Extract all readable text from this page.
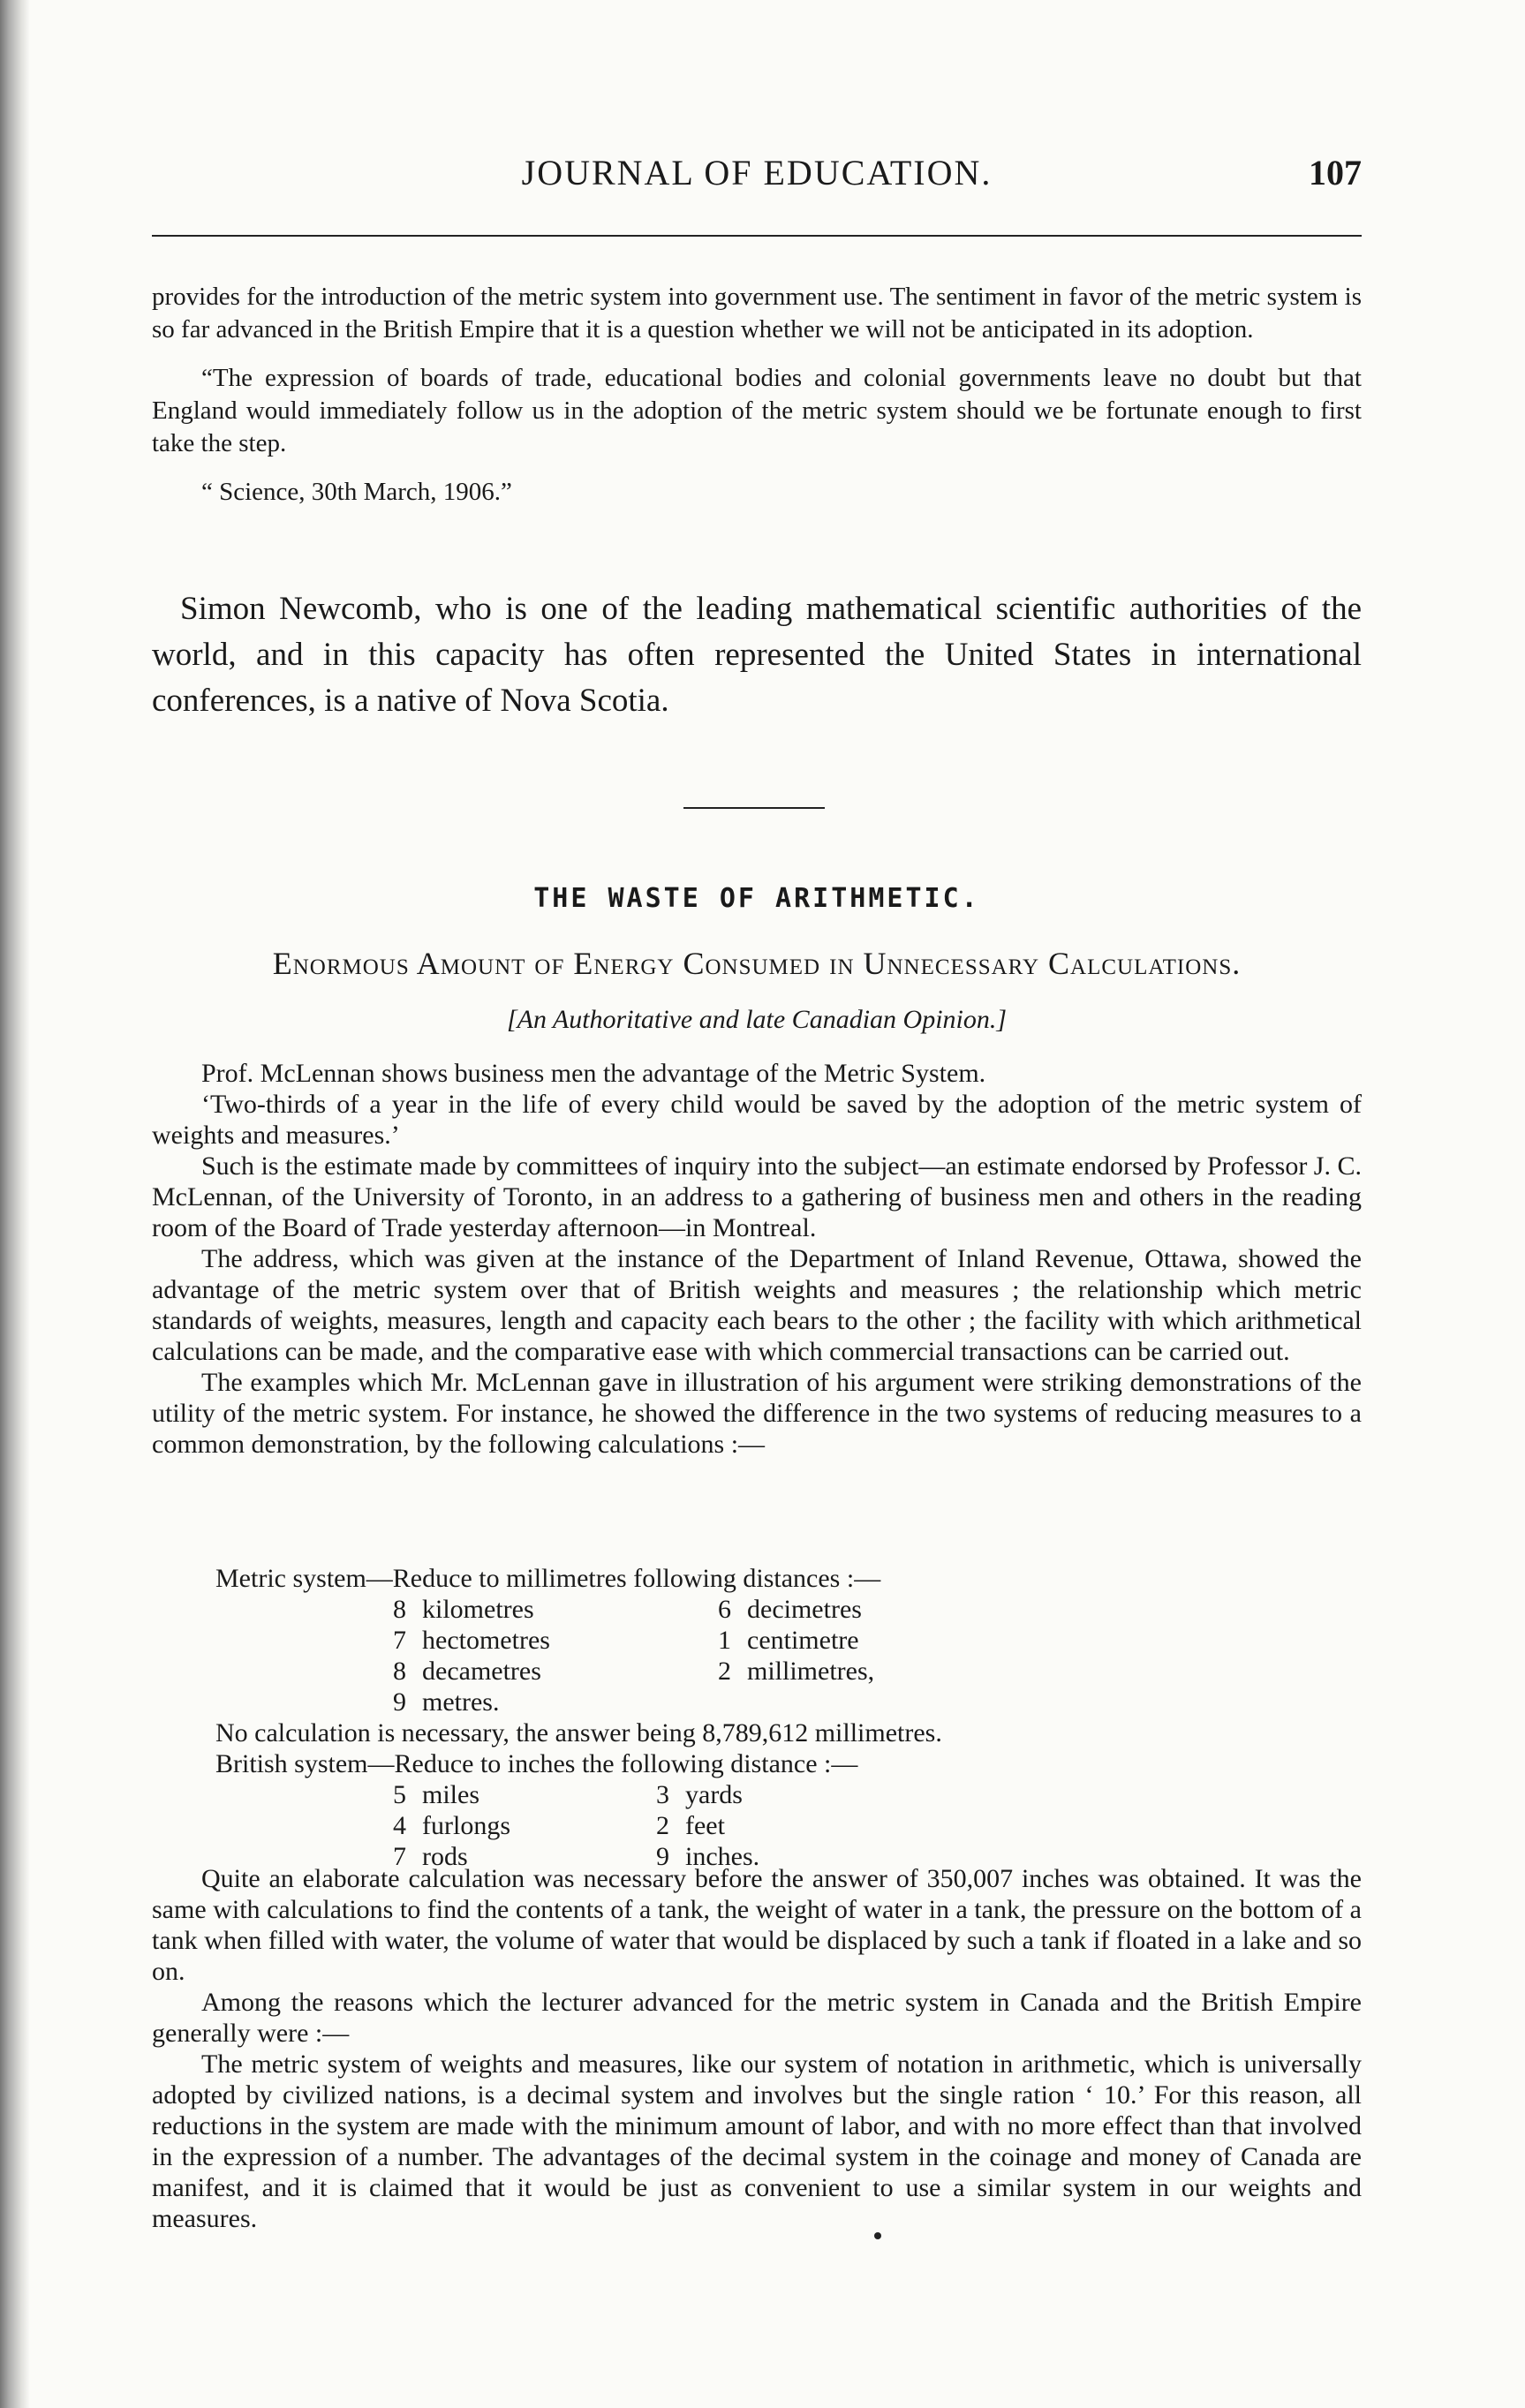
JOURNAL OF EDUCATION.	107

provides for the introduction of the metric system into government use. The sentiment in favor of the metric system is so far advanced in the British Empire that it is a question whether we will not be anticipated in its adoption.

“The expression of boards of trade, educational bodies and colonial governments leave no doubt but that England would immediately follow us in the adoption of the metric system should we be fortunate enough to first take the step.

“ Science, 30th March, 1906.”

Simon Newcomb, who is one of the leading mathematical scientific authorities of the world, and in this capacity has often represented the United States in international conferences, is a native of Nova Scotia.

THE WASTE OF ARITHMETIC.
Enormous Amount of Energy Consumed in Unnecessary Calculations.
[An Authoritative and late Canadian Opinion.]

Prof. McLennan shows business men the advantage of the Metric System.

‘Two-thirds of a year in the life of every child would be saved by the adoption of the metric system of weights and measures.’

Such is the estimate made by committees of inquiry into the subject—an estimate endorsed by Professor J. C. McLennan, of the University of Toronto, in an address to a gathering of business men and others in the reading room of the Board of Trade yesterday afternoon—in Montreal.

The address, which was given at the instance of the Department of Inland Revenue, Ottawa, showed the advantage of the metric system over that of British weights and measures ; the relationship which metric standards of weights, measures, length and capacity each bears to the other ; the facility with which arithmetical calculations can be made, and the comparative ease with which commercial transactions can be carried out.

The examples which Mr. McLennan gave in illustration of his argument were striking demonstrations of the utility of the metric system. For instance, he showed the difference in the two systems of reducing measures to a common demonstration, by the following calculations :—

Metric system—Reduce to millimetres following distances :—
8	kilometres	6	decimetres
7	hectometres	1	centimetre
8	decametres	2	millimetres,
9	metres.		
No calculation is necessary, the answer being 8,789,612 millimetres.
British system—Reduce to inches the following distance :—
5	miles	3	yards
4	furlongs	2	feet
7	rods	9	inches.

Quite an elaborate calculation was necessary before the answer of 350,007 inches was obtained. It was the same with calculations to find the contents of a tank, the weight of water in a tank, the pressure on the bottom of a tank when filled with water, the volume of water that would be displaced by such a tank if floated in a lake and so on.

Among the reasons which the lecturer advanced for the metric system in Canada and the British Empire generally were :—

The metric system of weights and measures, like our system of notation in arithmetic, which is universally adopted by civilized nations, is a decimal system and involves but the single ration ‘ 10.’ For this reason, all reductions in the system are made with the minimum amount of labor, and with no more effect than that involved in the expression of a number. The advantages of the decimal system in the coinage and money of Canada are manifest, and it is claimed that it would be just as convenient to use a similar system in our weights and measures.
